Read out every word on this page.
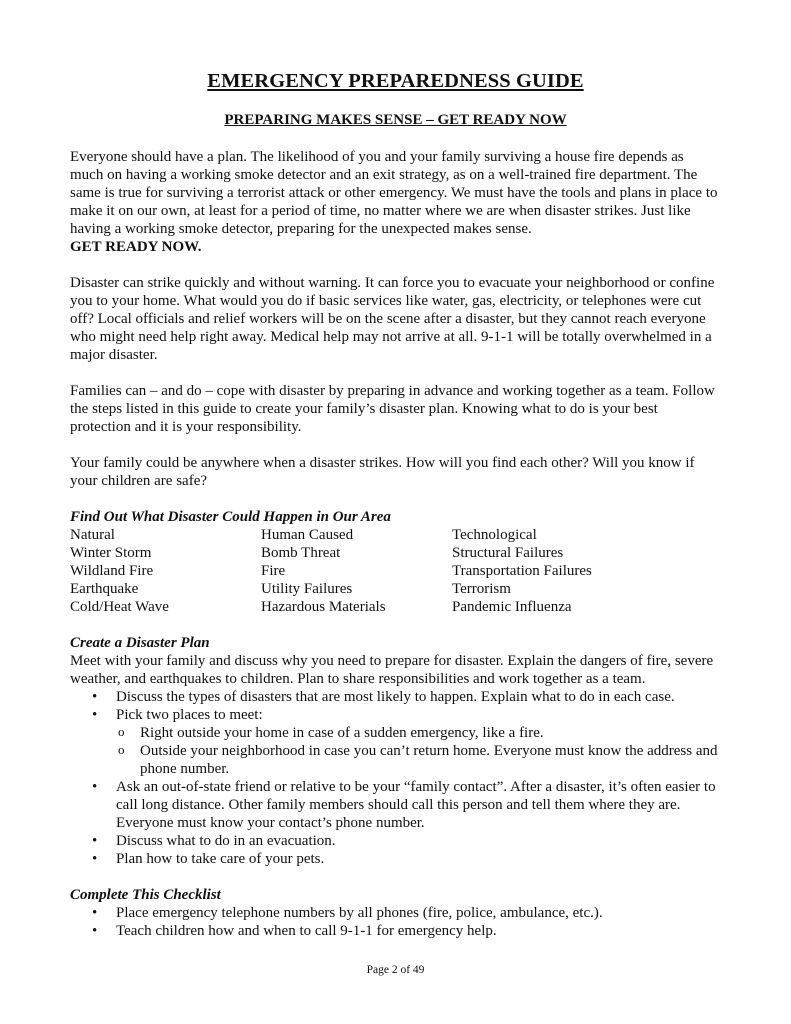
EMERGENCY PREPAREDNESS GUIDE
PREPARING MAKES SENSE – GET READY NOW

Everyone should have a plan. The likelihood of you and your family surviving a house fire depends as much on having a working smoke detector and an exit strategy, as on a well-trained fire department. The same is true for surviving a terrorist attack or other emergency. We must have the tools and plans in place to make it on our own, at least for a period of time, no matter where we are when disaster strikes. Just like having a working smoke detector, preparing for the unexpected makes sense.
GET READY NOW.

Disaster can strike quickly and without warning. It can force you to evacuate your neighborhood or confine you to your home. What would you do if basic services like water, gas, electricity, or telephones were cut off? Local officials and relief workers will be on the scene after a disaster, but they cannot reach everyone who might need help right away. Medical help may not arrive at all. 9-1-1 will be totally overwhelmed in a major disaster.

Families can – and do – cope with disaster by preparing in advance and working together as a team. Follow the steps listed in this guide to create your family’s disaster plan. Knowing what to do is your best protection and it is your responsibility.

Your family could be anywhere when a disaster strikes. How will you find each other? Will you know if your children are safe?

Find Out What Disaster Could Happen in Our Area
Natural	Human Caused	Technological
Winter Storm	Bomb Threat	Structural Failures
Wildland Fire	Fire	Transportation Failures
Earthquake	Utility Failures	Terrorism
Cold/Heat Wave	Hazardous Materials	Pandemic Influenza
Create a Disaster Plan
Meet with your family and discuss why you need to prepare for disaster. Explain the dangers of fire, severe weather, and earthquakes to children. Plan to share responsibilities and work together as a team.
• Discuss the types of disasters that are most likely to happen. Explain what to do in each case.
• Pick two places to meet:
o Right outside your home in case of a sudden emergency, like a fire.
o Outside your neighborhood in case you can’t return home. Everyone must know the address and phone number.
• Ask an out-of-state friend or relative to be your “family contact”. After a disaster, it’s often easier to call long distance. Other family members should call this person and tell them where they are. Everyone must know your contact’s phone number.
• Discuss what to do in an evacuation.
• Plan how to take care of your pets.
Complete This Checklist
• Place emergency telephone numbers by all phones (fire, police, ambulance, etc.).
• Teach children how and when to call 9-1-1 for emergency help.
Page 2 of 49
